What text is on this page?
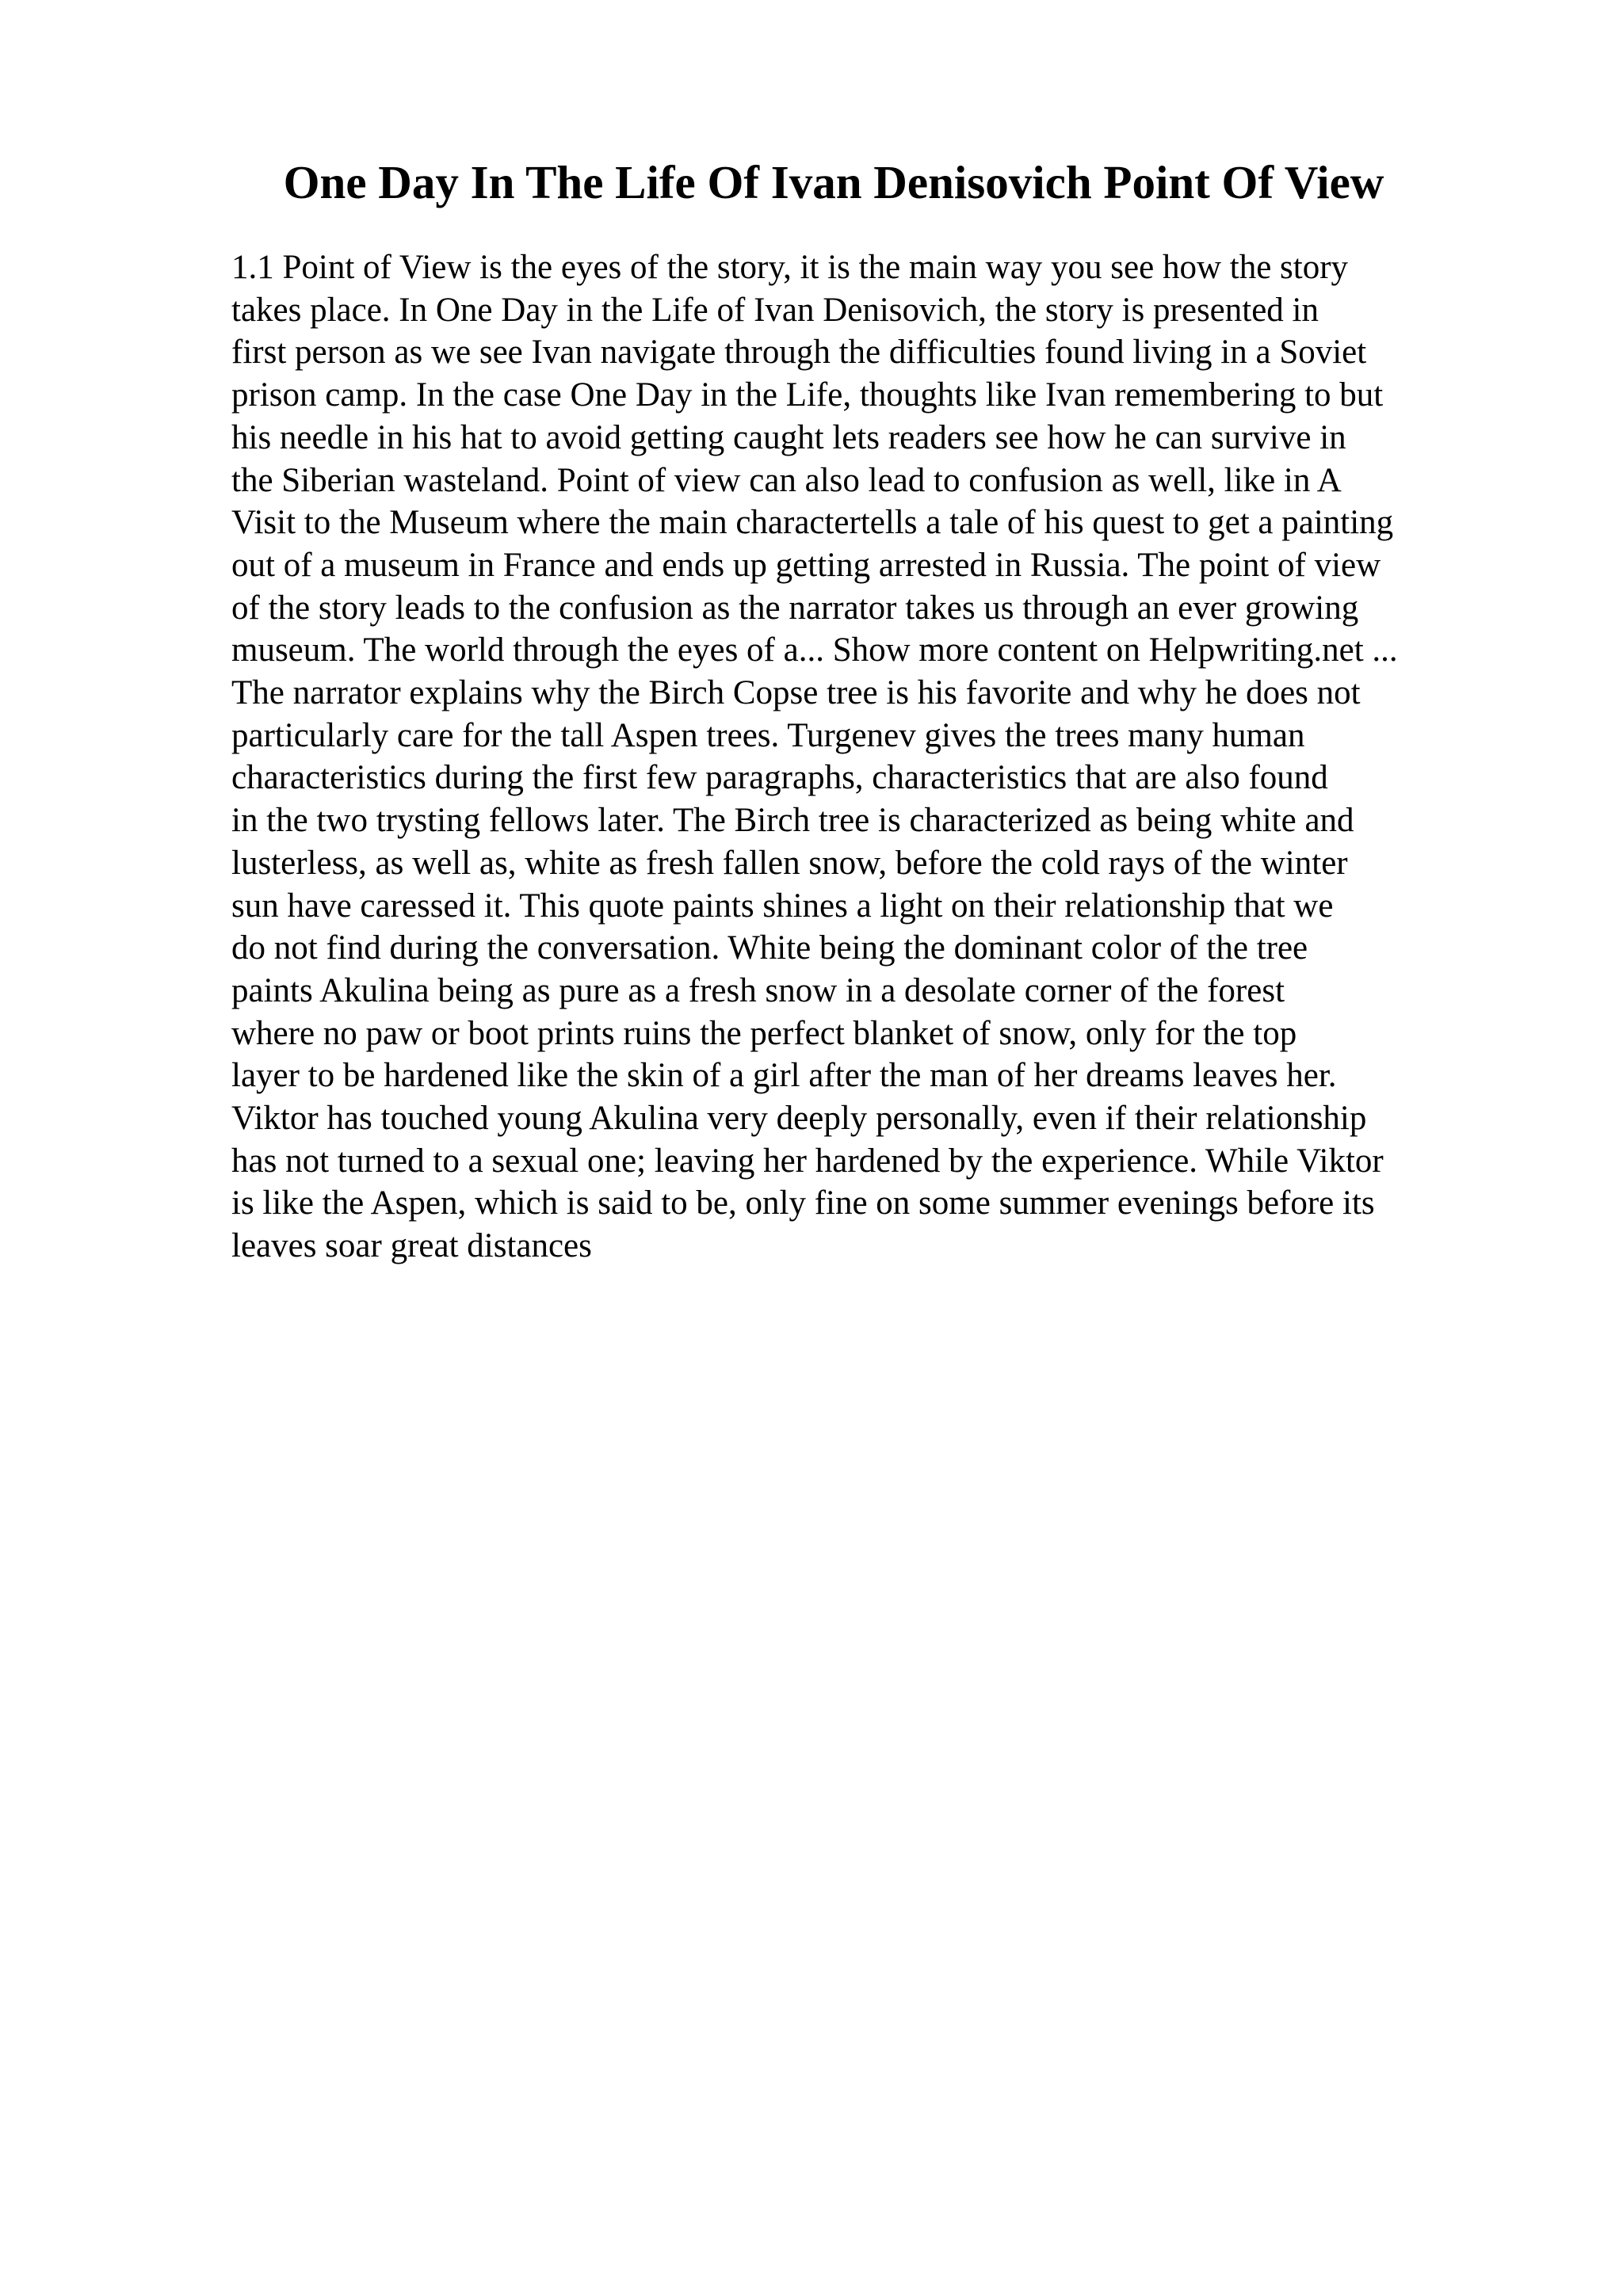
One Day In The Life Of Ivan Denisovich Point Of View
1.1 Point of View is the eyes of the story, it is the main way you see how the story
takes place. In One Day in the Life of Ivan Denisovich, the story is presented in
first person as we see Ivan navigate through the difficulties found living in a Soviet
prison camp. In the case One Day in the Life, thoughts like Ivan remembering to but
his needle in his hat to avoid getting caught lets readers see how he can survive in
the Siberian wasteland. Point of view can also lead to confusion as well, like in A
Visit to the Museum where the main charactertells a tale of his quest to get a painting
out of a museum in France and ends up getting arrested in Russia. The point of view
of the story leads to the confusion as the narrator takes us through an ever growing
museum. The world through the eyes of a... Show more content on Helpwriting.net ...
The narrator explains why the Birch Copse tree is his favorite and why he does not
particularly care for the tall Aspen trees. Turgenev gives the trees many human
characteristics during the first few paragraphs, characteristics that are also found
in the two trysting fellows later. The Birch tree is characterized as being white and
lusterless, as well as, white as fresh fallen snow, before the cold rays of the winter
sun have caressed it. This quote paints shines a light on their relationship that we
do not find during the conversation. White being the dominant color of the tree
paints Akulina being as pure as a fresh snow in a desolate corner of the forest
where no paw or boot prints ruins the perfect blanket of snow, only for the top
layer to be hardened like the skin of a girl after the man of her dreams leaves her.
Viktor has touched young Akulina very deeply personally, even if their relationship
has not turned to a sexual one; leaving her hardened by the experience. While Viktor
is like the Aspen, which is said to be, only fine on some summer evenings before its
leaves soar great distances
